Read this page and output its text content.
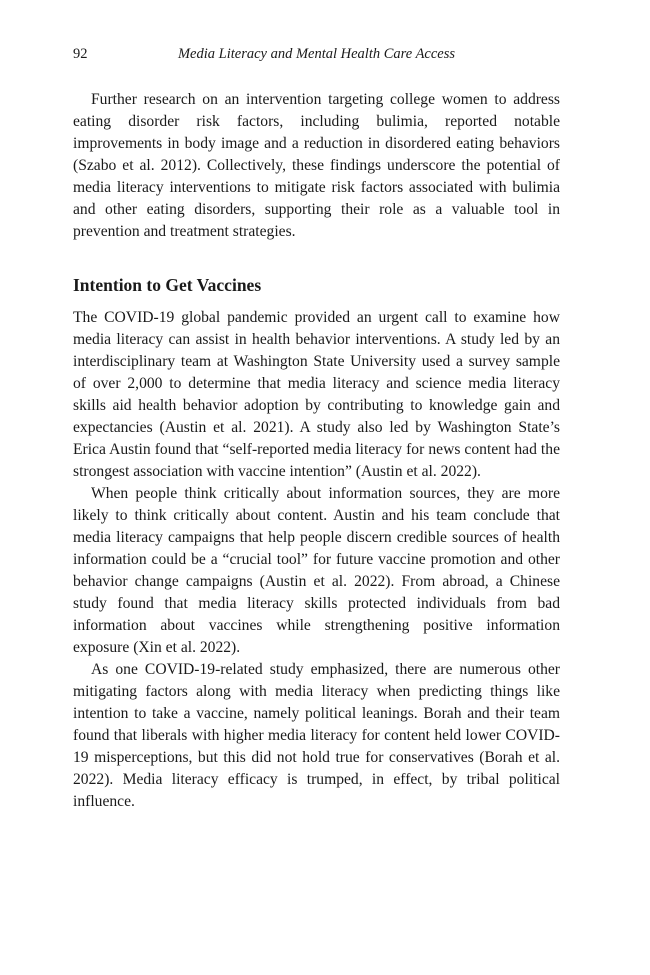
92	Media Literacy and Mental Health Care Access

Further research on an intervention targeting college women to address eating disorder risk factors, including bulimia, reported notable improvements in body image and a reduction in disordered eating behaviors (Szabo et al. 2012). Collectively, these findings underscore the potential of media literacy interventions to mitigate risk factors associated with bulimia and other eating disorders, supporting their role as a valuable tool in prevention and treatment strategies.

Intention to Get Vaccines

The COVID-19 global pandemic provided an urgent call to examine how media literacy can assist in health behavior interventions. A study led by an interdisciplinary team at Washington State University used a survey sample of over 2,000 to determine that media literacy and science media literacy skills aid health behavior adoption by contributing to knowledge gain and expectancies (Austin et al. 2021). A study also led by Washington State’s Erica Austin found that “self-reported media literacy for news content had the strongest association with vaccine intention” (Austin et al. 2022).

When people think critically about information sources, they are more likely to think critically about content. Austin and his team conclude that media literacy campaigns that help people discern credible sources of health information could be a “crucial tool” for future vaccine promotion and other behavior change campaigns (Austin et al. 2022). From abroad, a Chinese study found that media literacy skills protected individuals from bad information about vaccines while strengthening positive information exposure (Xin et al. 2022).

As one COVID-19-related study emphasized, there are numerous other mitigating factors along with media literacy when predicting things like intention to take a vaccine, namely political leanings. Borah and their team found that liberals with higher media literacy for content held lower COVID-19 misperceptions, but this did not hold true for conservatives (Borah et al. 2022). Media literacy efficacy is trumped, in effect, by tribal political influence.
